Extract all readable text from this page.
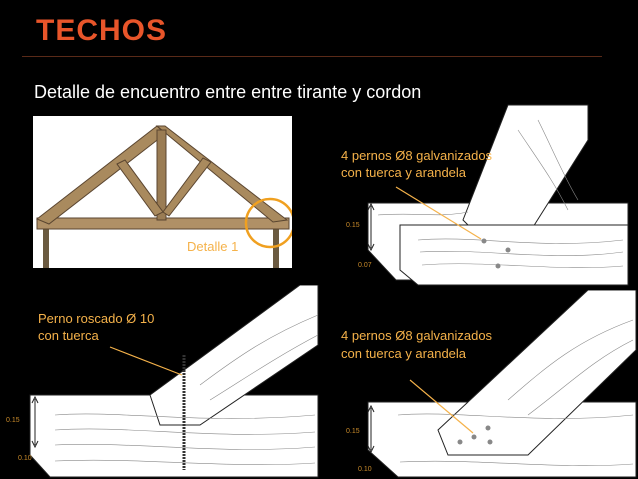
TECHOS
Detalle de encuentro entre entre tirante y cordon
Detalle 1
4 pernos Ø8 galvanizados
con tuerca y arandela
0.15
0.07
Perno roscado Ø 10
con tuerca
0.15
0.10
4 pernos Ø8 galvanizados
con tuerca y arandela
0.15
0.10
